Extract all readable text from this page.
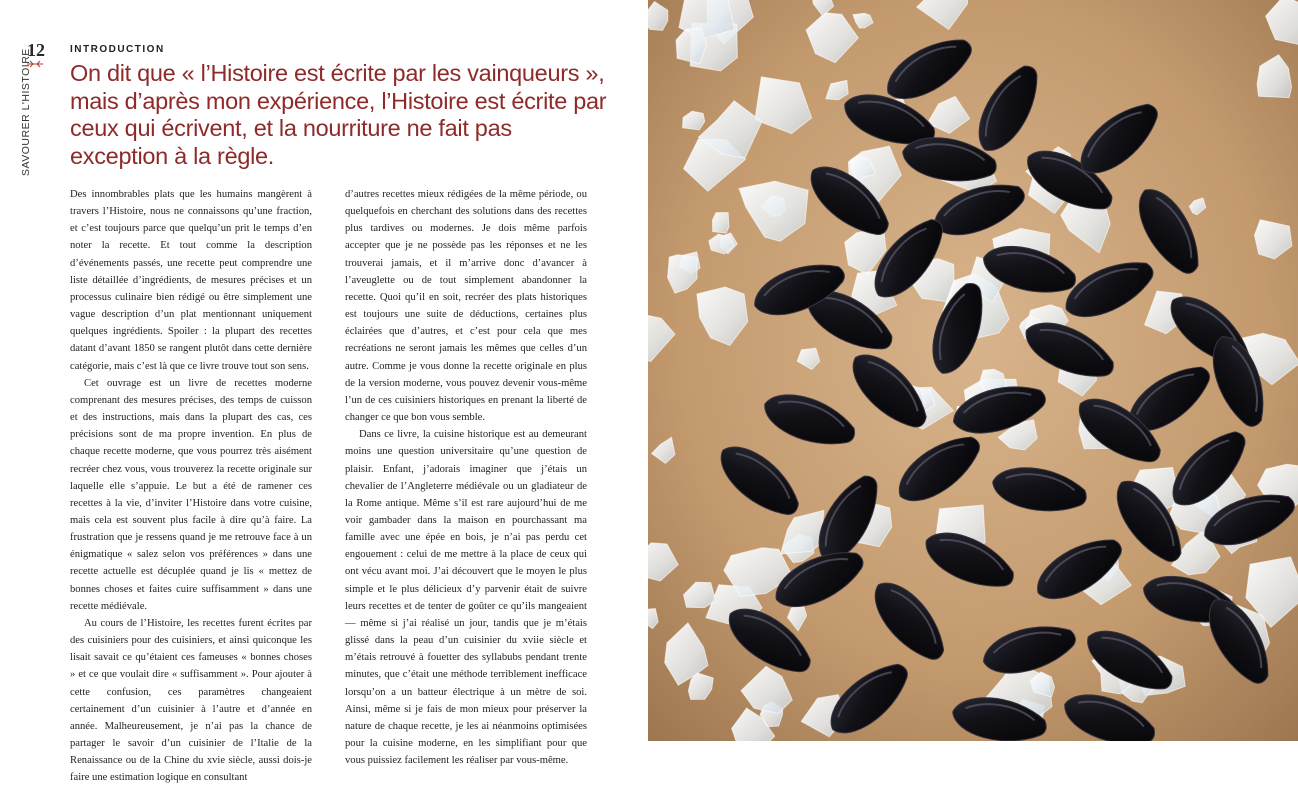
12
SAVOURER L'HISTOIRE	INTRODUCTION
On dit que « l’Histoire est écrite par les vainqueurs », mais d’après mon expérience, l’Histoire est écrite par ceux qui écrivent, et la nourriture ne fait pas exception à la règle.

Des innombrables plats que les humains mangèrent à travers l’Histoire, nous ne connaissons qu’une fraction, et c’est toujours parce que quelqu’un prit le temps d’en noter la recette. Et tout comme la description d’événements passés, une recette peut comprendre une liste détaillée d’ingrédients, de mesures précises et un processus culinaire bien rédigé ou être simplement une vague description d’un plat mentionnant uniquement quelques ingrédients. Spoiler : la plupart des recettes datant d’avant 1850 se rangent plutôt dans cette dernière catégorie, mais c’est là que ce livre trouve tout son sens.

Cet ouvrage est un livre de recettes moderne comprenant des mesures précises, des temps de cuisson et des instructions, mais dans la plupart des cas, ces précisions sont de ma propre invention. En plus de chaque recette moderne, que vous pourrez très aisément recréer chez vous, vous trouverez la recette originale sur laquelle elle s’appuie. Le but a été de ramener ces recettes à la vie, d’inviter l’Histoire dans votre cuisine, mais cela est souvent plus facile à dire qu’à faire. La frustration que je ressens quand je me retrouve face à un énigmatique « salez selon vos préférences » dans une recette actuelle est décuplée quand je lis « mettez de bonnes choses et faites cuire suffisamment » dans une recette médiévale.

Au cours de l’Histoire, les recettes furent écrites par des cuisiniers pour des cuisiniers, et ainsi quiconque les lisait savait ce qu’étaient ces fameuses « bonnes choses » et ce que voulait dire « suffisamment ». Pour ajouter à cette confusion, ces paramètres changeaient certainement d’un cuisinier à l’autre et d’année en année. Malheureusement, je n’ai pas la chance de partager le savoir d’un cuisinier de l’Italie de la Renaissance ou de la Chine du xvie siècle, aussi dois-je faire une estimation logique en consultant

d’autres recettes mieux rédigées de la même période, ou quelquefois en cherchant des solutions dans des recettes plus tardives ou modernes. Je dois même parfois accepter que je ne possède pas les réponses et ne les trouverai jamais, et il m’arrive donc d’avancer à l’aveuglette ou de tout simplement abandonner la recette. Quoi qu’il en soit, recréer des plats historiques est toujours une suite de déductions, certaines plus éclairées que d’autres, et c’est pour cela que mes recréations ne seront jamais les mêmes que celles d’un autre. Comme je vous donne la recette originale en plus de la version moderne, vous pouvez devenir vous-même l’un de ces cuisiniers historiques en prenant la liberté de changer ce que bon vous semble.

Dans ce livre, la cuisine historique est au demeurant moins une question universitaire qu’une question de plaisir. Enfant, j’adorais imaginer que j’étais un chevalier de l’Angleterre médiévale ou un gladiateur de la Rome antique. Même s’il est rare aujourd’hui de me voir gambader dans la maison en pourchassant ma famille avec une épée en bois, je n’ai pas perdu cet engouement : celui de me mettre à la place de ceux qui ont vécu avant moi. J’ai découvert que le moyen le plus simple et le plus délicieux d’y parvenir était de suivre leurs recettes et de tenter de goûter ce qu’ils mangeaient — même si j’ai réalisé un jour, tandis que je m’étais glissé dans la peau d’un cuisinier du xviie siècle et m’étais retrouvé à fouetter des syllabubs pendant trente minutes, que c’était une méthode terriblement inefficace lorsqu’on a un batteur électrique à un mètre de soi. Ainsi, même si je fais de mon mieux pour préserver la nature de chaque recette, je les ai néanmoins optimisées pour la cuisine moderne, en les simplifiant pour que vous puissiez facilement les réaliser par vous-même.
